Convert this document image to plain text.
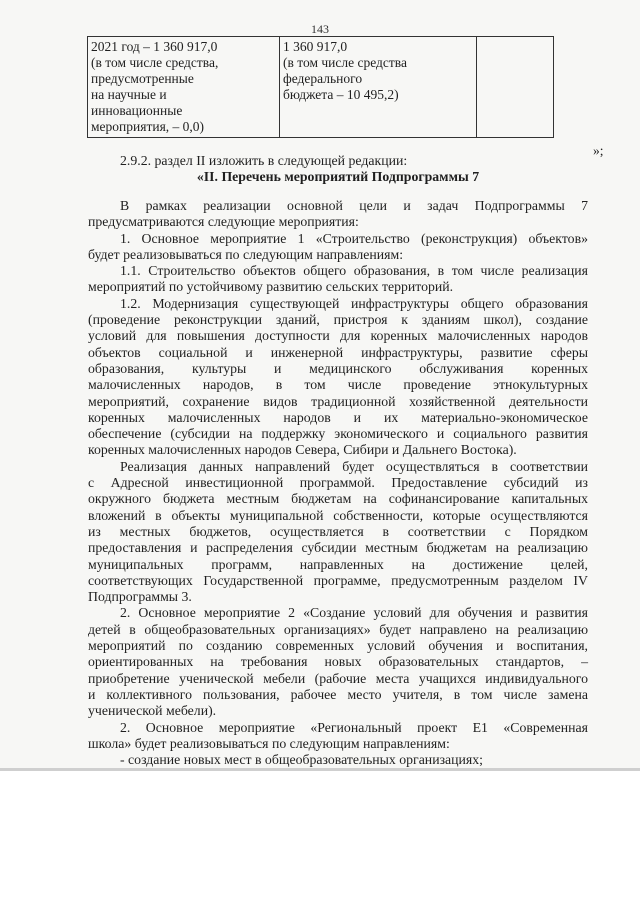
143
2021 год – 1 360 917,0
(в том числе средства,
предусмотренные
на научные и
инновационные
мероприятия, – 0,0)

1 360 917,0
(в том числе средства
федерального
бюджета – 10 495,2)

»;
2.9.2. раздел II изложить в следующей редакции:
«II. Перечень мероприятий Подпрограммы 7
В рамках реализации основной цели и задач Подпрограммы 7
предусматриваются следующие мероприятия:
1. Основное мероприятие 1 «Строительство (реконструкция) объектов»
будет реализовываться по следующим направлениям:
1.1. Строительство объектов общего образования, в том числе реализация
мероприятий по устойчивому развитию сельских территорий.
1.2. Модернизация существующей инфраструктуры общего образования
(проведение реконструкции зданий, пристроя к зданиям школ), создание
условий для повышения доступности для коренных малочисленных народов
объектов социальной и инженерной инфраструктуры, развитие сферы
образования, культуры и медицинского обслуживания коренных
малочисленных народов, в том числе проведение этнокультурных
мероприятий, сохранение видов традиционной хозяйственной деятельности
коренных малочисленных народов и их материально-экономическое
обеспечение (субсидии на поддержку экономического и социального развития
коренных малочисленных народов Севера, Сибири и Дальнего Востока).
Реализация данных направлений будет осуществляться в соответствии
с Адресной инвестиционной программой. Предоставление субсидий из
окружного бюджета местным бюджетам на софинансирование капитальных
вложений в объекты муниципальной собственности, которые осуществляются
из местных бюджетов, осуществляется в соответствии с Порядком
предоставления и распределения субсидии местным бюджетам на реализацию
муниципальных программ, направленных на достижение целей,
соответствующих Государственной программе, предусмотренным разделом IV
Подпрограммы 3.
2. Основное мероприятие 2 «Создание условий для обучения и развития
детей в общеобразовательных организациях» будет направлено на реализацию
мероприятий по созданию современных условий обучения и воспитания,
ориентированных на требования новых образовательных стандартов, –
приобретение ученической мебели (рабочие места учащихся индивидуального
и коллективного пользования, рабочее место учителя, в том числе замена
ученической мебели).
2. Основное мероприятие «Региональный проект Е1 «Современная
школа» будет реализовываться по следующим направлениям:
- создание новых мест в общеобразовательных организациях;
